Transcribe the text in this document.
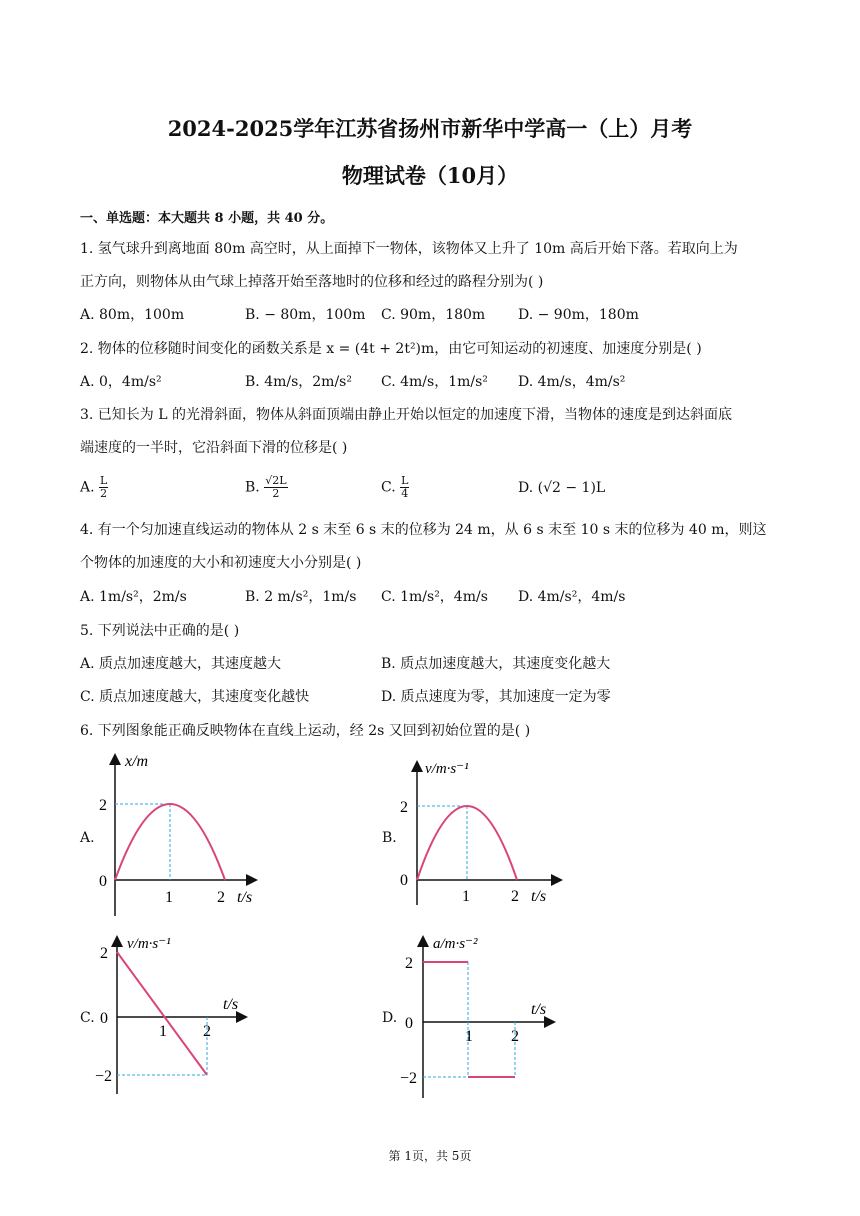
2024-2025学年江苏省扬州市新华中学高一（上）月考
物理试卷（10月）
一、单选题：本大题共 8 小题，共 40 分。
1. 氢气球升到离地面 80m 高空时，从上面掉下一物体，该物体又上升了 10m 高后开始下落。若取向上为
正方向，则物体从由气球上掉落开始至落地时的位移和经过的路程分别为( )
A. 80m，100m	B. − 80m，100m C. 90m，180m D. − 90m，180m
2. 物体的位移随时间变化的函数关系是 x = (4t + 2t²)m，由它可知运动的初速度、加速度分别是( )
A. 0，4m/s²	B. 4m/s，2m/s² C. 4m/s，1m/s² D. 4m/s，4m/s²
3. 已知长为 L 的光滑斜面，物体从斜面顶端由静止开始以恒定的加速度下滑，当物体的速度是到达斜面底
端速度的一半时，它沿斜面下滑的位移是( )
A. $\frac{L}{2}$	B. $\frac{√2L}{2}$	C. $\frac{L}{4}$	D. (√2 − 1)L
4. 有一个匀加速直线运动的物体从 2 s 末至 6 s 末的位移为 24 m，从 6 s 末至 10 s 末的位移为 40 m，则这
个物体的加速度的大小和初速度大小分别是( )
A. 1m/s²，2m/s	B. 2 m/s²，1m/s C. 1m/s²，4m/s D. 4m/s²，4m/s
5. 下列说法中正确的是( )
A. 质点加速度越大，其速度越大	B. 质点加速度越大，其速度变化越大
C. 质点加速度越大，其速度变化越快	D. 质点速度为零，其加速度一定为零
6. 下列图象能正确反映物体在直线上运动，经 2s 又回到初始位置的是( )
A.	B.
C.	D.
x/m
2
0
1	2 t/s
v/m·s⁻¹
2
0
1	2 t/s
v/m·s⁻¹
2
0
−2
1 2
t/s
a/m·s⁻²
2
0
−2
1 2
t/s
第 1页，共 5页
